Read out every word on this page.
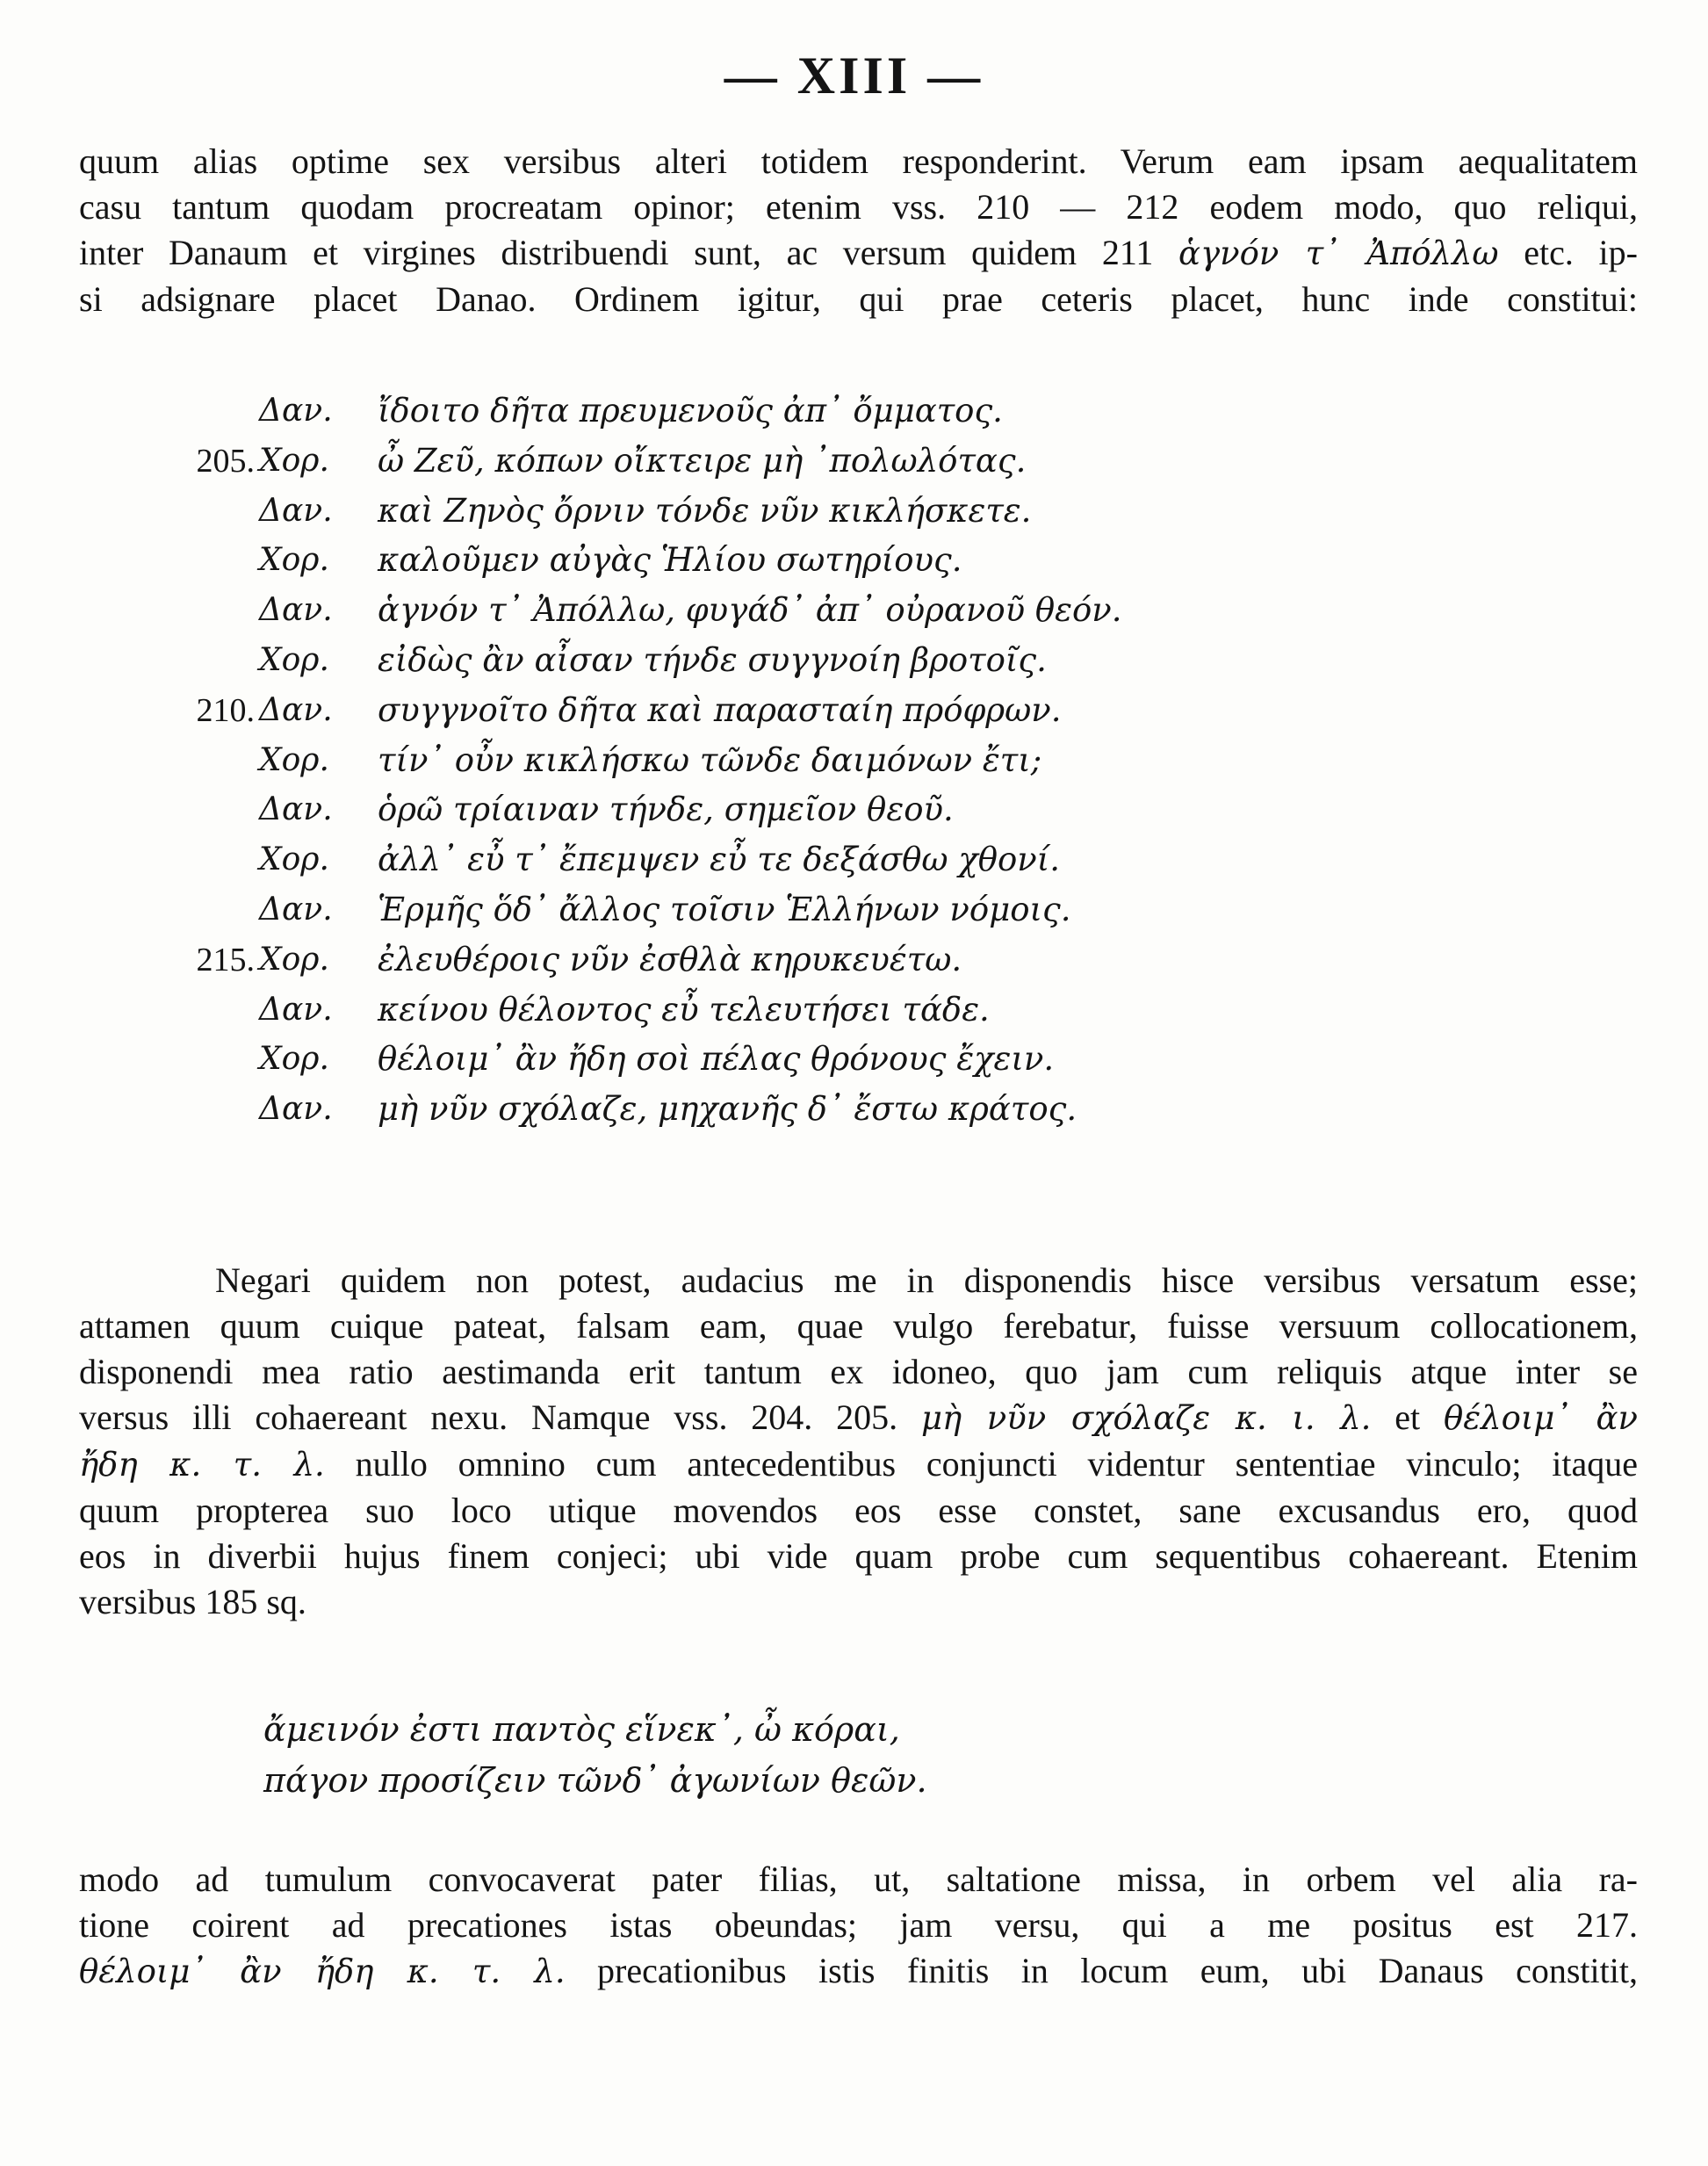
— XIII —
quum alias optime sex versibus alteri totidem responderint. Verum eam ipsam aequalitatem
casu tantum quodam procreatam opinor; etenim vss. 210 — 212 eodem modo, quo reliqui,
inter Danaum et virgines distribuendi sunt, ac versum quidem 211 ἁγνόν τ᾽ Ἀπόλλω etc. ip-
si adsignare placet Danao. Ordinem igitur, qui prae ceteris placet, hunc inde constitui:
Δαν. ἴδοιτο δῆτα πρευμενοῦς ἀπ᾽ ὄμματος.
205. Χορ. ὦ Ζεῦ, κόπων οἴκτειρε μὴ ᾽πολωλότας.
Δαν. καὶ Ζηνὸς ὄρνιν τόνδε νῦν κικλήσκετε.
Χορ. καλοῦμεν αὐγὰς Ἡλίου σωτηρίους.
Δαν. ἁγνόν τ᾽ Ἀπόλλω, φυγάδ᾽ ἀπ᾽ οὐρανοῦ θεόν.
Χορ. εἰδὼς ἂν αἶσαν τήνδε συγγνοίη βροτοῖς.
210. Δαν. συγγνοῖτο δῆτα καὶ παρασταίη πρόφρων.
Χορ. τίν᾽ οὖν κικλήσκω τῶνδε δαιμόνων ἔτι;
Δαν. ὁρῶ τρίαιναν τήνδε, σημεῖον θεοῦ.
Χορ. ἀλλ᾽ εὖ τ᾽ ἔπεμψεν εὖ τε δεξάσθω χθονί.
Δαν. Ἑρμῆς ὅδ᾽ ἄλλος τοῖσιν Ἑλλήνων νόμοις.
215. Χορ. ἐλευθέροις νῦν ἐσθλὰ κηρυκευέτω.
Δαν. κείνου θέλοντος εὖ τελευτήσει τάδε.
Χορ. θέλοιμ᾽ ἂν ἤδη σοὶ πέλας θρόνους ἔχειν.
Δαν. μὴ νῦν σχόλαζε, μηχανῆς δ᾽ ἔστω κράτος.
Negari quidem non potest, audacius me in disponendis hisce versibus versatum esse;
attamen quum cuique pateat, falsam eam, quae vulgo ferebatur, fuisse versuum collocationem,
disponendi mea ratio aestimanda erit tantum ex idoneo, quo jam cum reliquis atque inter se
versus illi cohaereant nexu. Namque vss. 204. 205. μὴ νῦν σχόλαζε κ. ι. λ. et θέλοιμ᾽ ἂν
ἤδη κ. τ. λ. nullo omnino cum antecedentibus conjuncti videntur sententiae vinculo; itaque
quum propterea suo loco utique movendos eos esse constet, sane excusandus ero, quod
eos in diverbii hujus finem conjeci; ubi vide quam probe cum sequentibus cohaereant. Etenim
versibus 185 sq.
ἄμεινόν ἐστι παντὸς εἵνεκ᾽, ὦ κόραι,
πάγον προσίζειν τῶνδ᾽ ἀγωνίων θεῶν.
modo ad tumulum convocaverat pater filias, ut, saltatione missa, in orbem vel alia ra-
tione coirent ad precationes istas obeundas; jam versu, qui a me positus est 217.
θέλοιμ᾽ ἂν ἤδη κ. τ. λ. precationibus istis finitis in locum eum, ubi Danaus constitit,
